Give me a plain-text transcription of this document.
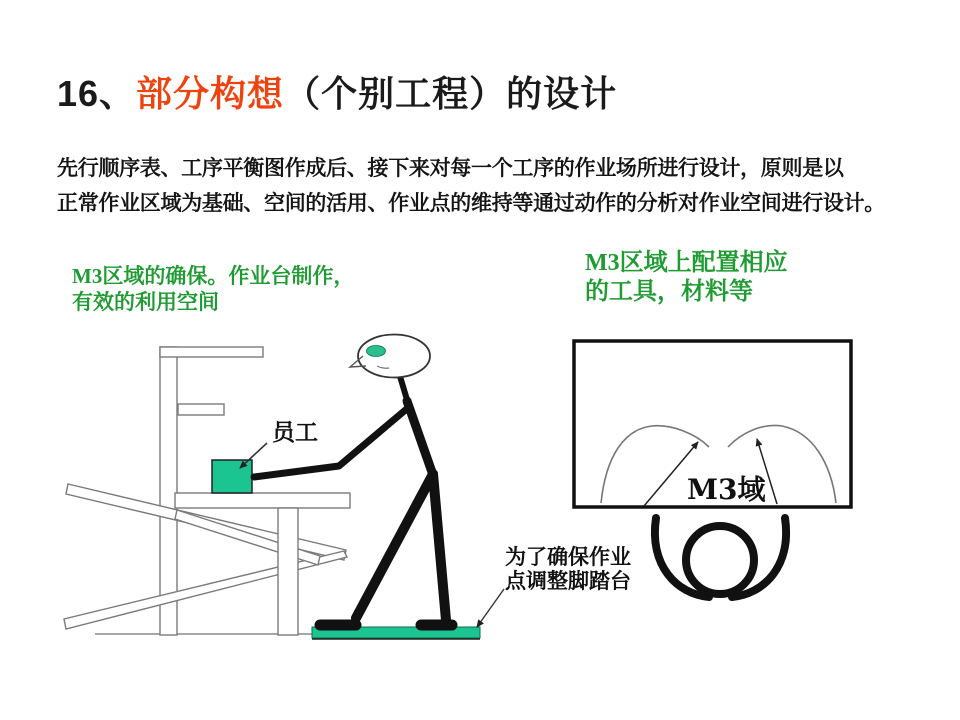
16、部分构想（个别工程）的设计
先行顺序表、工序平衡图作成后、接下来对每一个工序的作业场所进行设计，原则是以
正常作业区域为基础、空间的活用、作业点的维持等通过动作的分析对作业空间进行设计。
M3区域的确保。作业台制作，
有效的利用空间
M3区域上配置相应
的工具，材料等
员工
为了确保作业
点调整脚踏台
M3域
